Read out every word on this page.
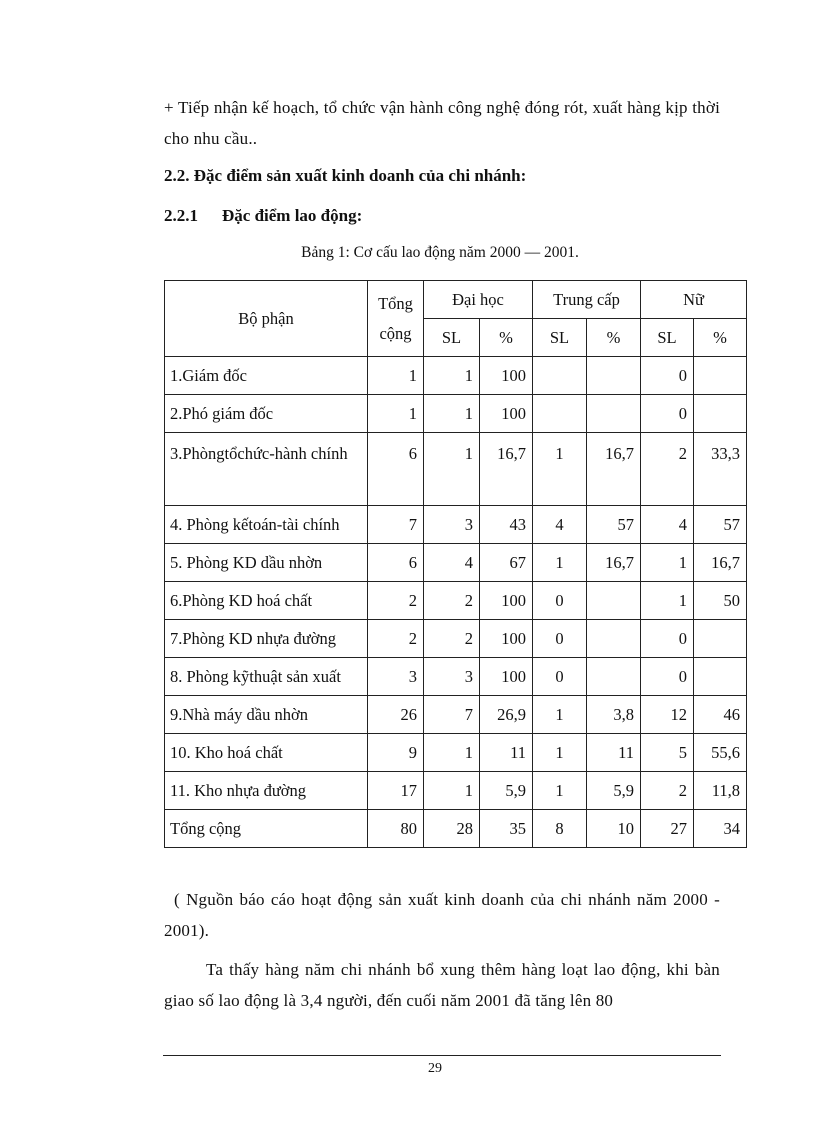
+ Tiếp nhận kế hoạch, tổ chức vận hành công nghệ đóng rót, xuất hàng kịp thời cho nhu cầu..
2.2. Đặc điểm sản xuất kinh doanh của chi nhánh:
2.2.1 Đặc điểm lao động:
Bảng 1: Cơ cấu lao động năm 2000 — 2001.
Bộ phận	Tổng cộng	Đại học		Trung cấp		Nữ	
		SL	%	SL	%	SL	%
1.Giám đốc	1	1	100			0	
2.Phó giám đốc	1	1	100			0	
3.Phòngtổchức-hành chính	6	1	16,7	1	16,7	2	33,3
4. Phòng kếtoán-tài chính	7	3	43	4	57	4	57
5. Phòng KD dầu nhờn	6	4	67	1	16,7	1	16,7
6.Phòng KD hoá chất	2	2	100	0		1	50
7.Phòng KD nhựa đường	2	2	100	0		0	
8. Phòng kỹthuật sản xuất	3	3	100	0		0	
9.Nhà máy dầu nhờn	26	7	26,9	1	3,8	12	46
10. Kho hoá chất	9	1	11	1	11	5	55,6
11. Kho nhựa đường	17	1	5,9	1	5,9	2	11,8
Tổng cộng	80	28	35	8	10	27	34
( Nguồn báo cáo hoạt động sản xuất kinh doanh của chi nhánh năm 2000 - 2001).
Ta thấy hàng năm chi nhánh bổ xung thêm hàng loạt lao động, khi bàn giao số lao động là 3,4 người, đến cuối năm 2001 đã tăng lên 80
29
